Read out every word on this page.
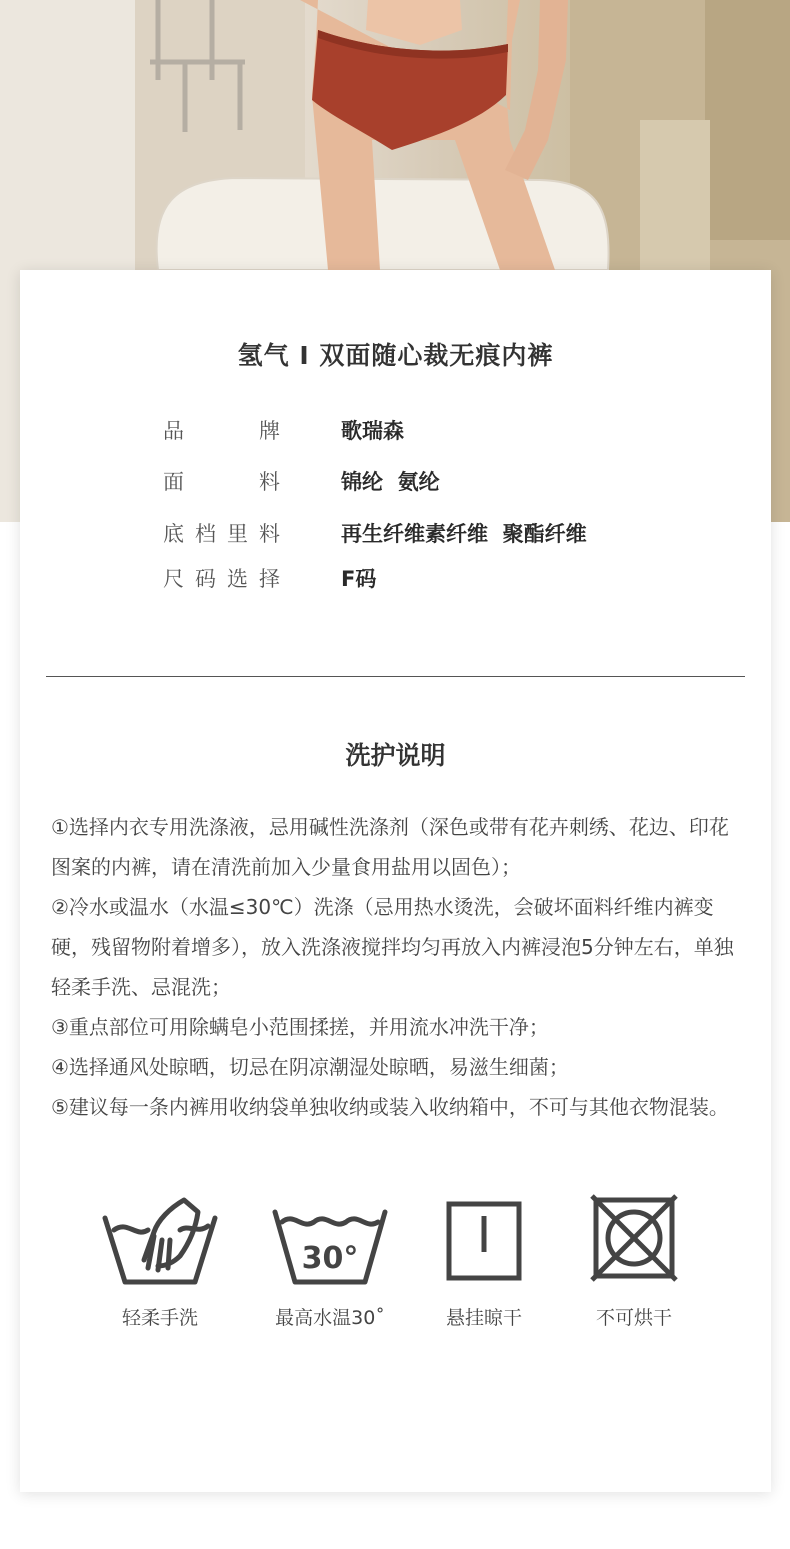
氢气 I 双面随心裁无痕内裤
品牌	歌瑞森
面料	锦纶  氨纶
底档里料	再生纤维素纤维  聚酯纤维
尺码选择	F码
洗护说明

①选择内衣专用洗涤液，忌用碱性洗涤剂（深色或带有花卉刺绣、花边、印花图案的内裤，请在清洗前加入少量食用盐用以固色）；

②冷水或温水（水温≤30℃）洗涤（忌用热水烫洗，会破坏面料纤维内裤变硬，残留物附着增多），放入洗涤液搅拌均匀再放入内裤浸泡5分钟左右，单独轻柔手洗、忌混洗；

③重点部位可用除螨皂小范围揉搓，并用流水冲洗干净；

④选择通风处晾晒，切忌在阴凉潮湿处晾晒，易滋生细菌；

⑤建议每一条内裤用收纳袋单独收纳或装入收纳箱中，不可与其他衣物混装。

轻柔手洗
30°
最高水温30˚	悬挂晾干	不可烘干
